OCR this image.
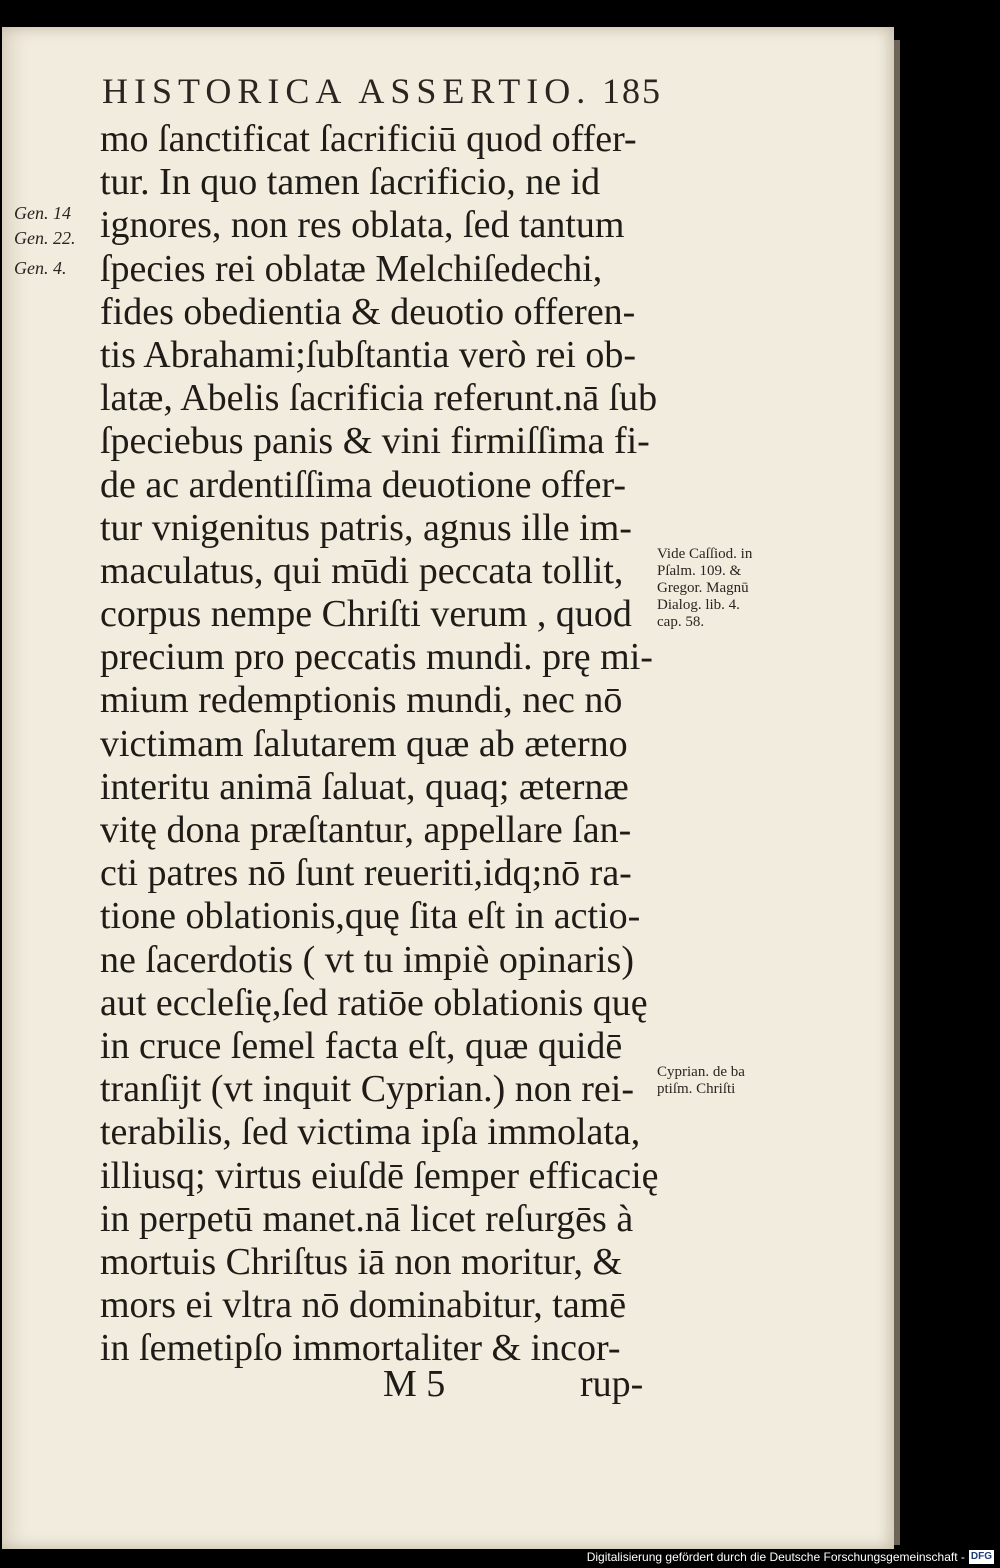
HISTORICA ASSERTIO. 185
mo ſanctificat ſacrificiū quod offer-
tur. In quo tamen ſacrificio, ne id
ignores, non res oblata, ſed tantum
ſpecies rei oblatæ Melchiſedechi,
fides obedientia & deuotio offeren-
tis Abrahami;ſubſtantia verò rei ob-
latæ, Abelis ſacrificia referunt.nā ſub
ſpeciebus panis & vini firmiſſima fi-
de ac ardentiſſima deuotione offer-
tur vnigenitus patris, agnus ille im-
maculatus, qui mūdi peccata tollit,
corpus nempe Chriſti verum , quod
precium pro peccatis mundi. prę mi-
mium redemptionis mundi, nec nō
victimam ſalutarem quæ ab æterno
interitu animā ſaluat, quaq; æternæ
vitę dona præſtantur, appellare ſan-
cti patres nō ſunt reueriti,idq;nō ra-
tione oblationis,quę ſita eſt in actio-
ne ſacerdotis ( vt tu impiè opinaris)
aut eccleſię,ſed ratiōe oblationis quę
in cruce ſemel facta eſt, quæ quidē
tranſijt (vt inquit Cyprian.) non rei-
terabilis, ſed victima ipſa immolata,
illiusq; virtus eiuſdē ſemper efficacię
in perpetū manet.nā licet reſurgēs à
mortuis Chriſtus iā non moritur, &
mors ei vltra nō dominabitur, tamē
in ſemetipſo immortaliter & incor-
Gen. 14
Gen. 22.
Gen. 4.
Vide Caſſiod. in
Pſalm. 109. &
Gregor. Magnū
Dialog. lib. 4.
cap. 58.
Cyprian. de ba
ptiſm. Chriſti
M 5	rup-
Digitalisierung gefördert durch die Deutsche Forschungsgemeinschaft - DFG
